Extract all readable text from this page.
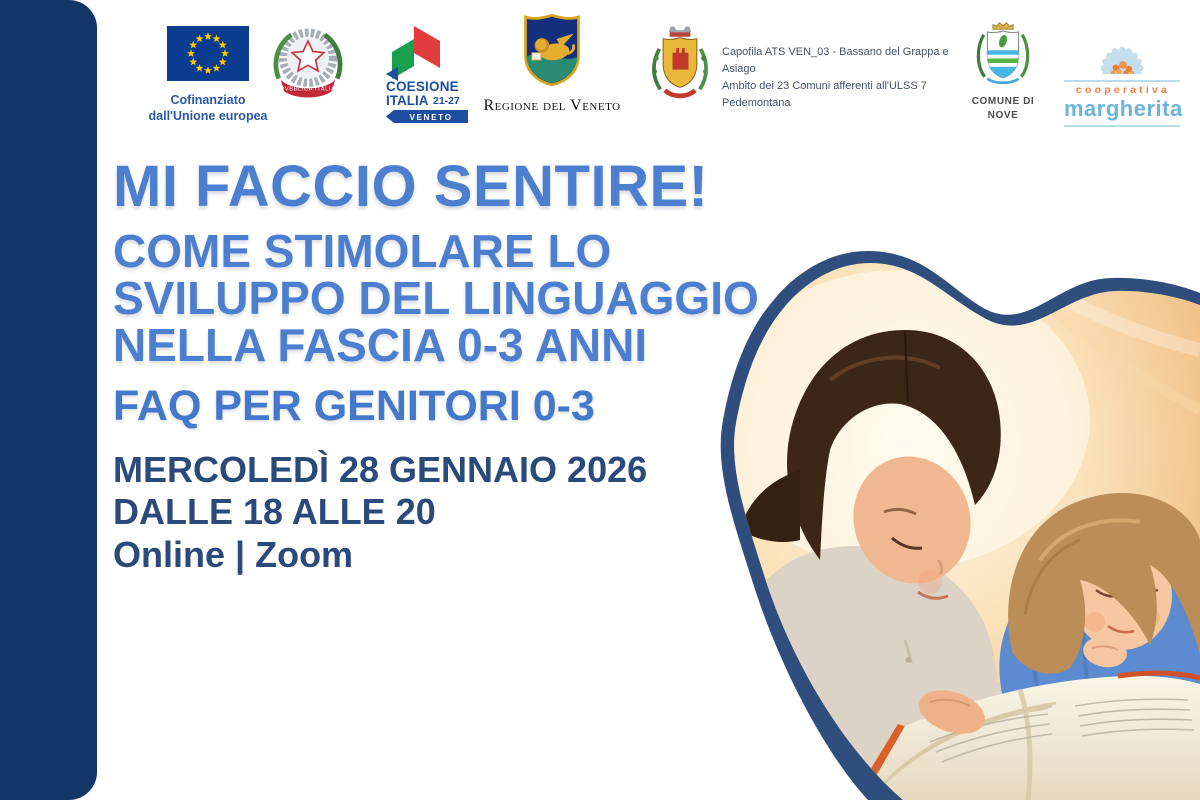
Cofinanziato
dall'Unione europea
REPVBBLICA ITALIANA	COESIONE
ITALIA 21-27
VENETO
Regione del Veneto
Capofila ATS VEN_03 - Bassano del Grappa e Asiago
Ambito dei 23 Comuni afferenti all'ULSS 7 Pedemontana	COMUNE DI
NOVE
cooperativa
margherita
MI FACCIO SENTIRE!
COME STIMOLARE LO
SVILUPPO DEL LINGUAGGIO
NELLA FASCIA 0-3 ANNI
FAQ PER GENITORI 0-3
MERCOLEDÌ 28 GENNAIO 2026
DALLE 18 ALLE 20
Online | Zoom
